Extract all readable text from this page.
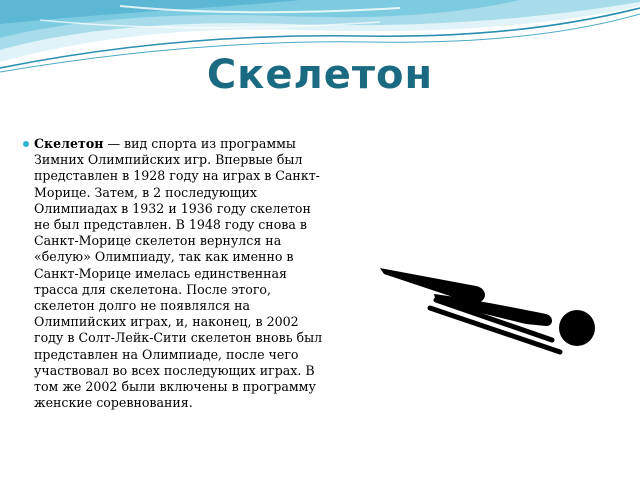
Скелетон
Скелетон — вид спорта из программы Зимних Олимпийских игр. Впервые был представлен в 1928 году на играх в Санкт-Морице. Затем, в 2 последующих Олимпиадах в 1932 и 1936 году скелетон не был представлен. В 1948 году снова в Санкт-Морице скелетон вернулся на «белую» Олимпиаду, так как именно в Санкт-Морице имелась единственная трасса для скелетона. После этого, скелетон долго не появлялся на Олимпийских играх, и, наконец, в 2002 году в Солт-Лейк-Сити скелетон вновь был представлен на Олимпиаде, после чего участвовал во всех последующих играх. В том же 2002 были включены в программу женские соревнования.
